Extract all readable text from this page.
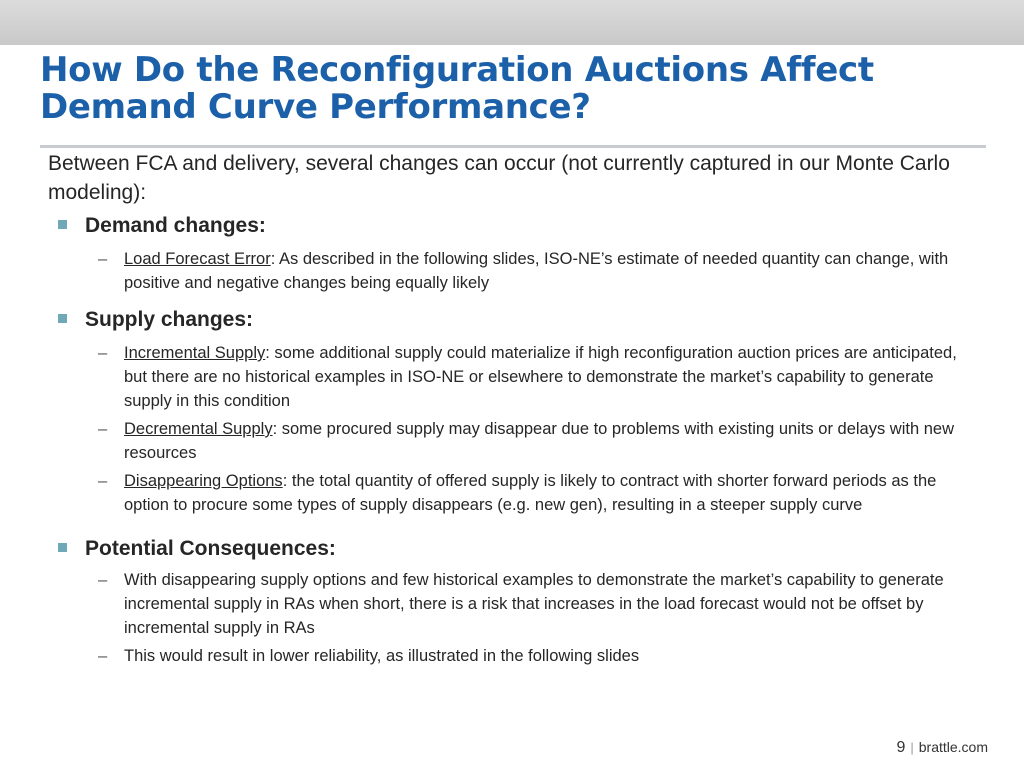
How Do the Reconfiguration Auctions Affect Demand Curve Performance?

Between FCA and delivery, several changes can occur (not currently captured in our Monte Carlo modeling):

Demand changes:
– Load Forecast Error: As described in the following slides, ISO-NE’s estimate of needed quantity can change, with positive and negative changes being equally likely
Supply changes:
– Incremental Supply: some additional supply could materialize if high reconfiguration auction prices are anticipated, but there are no historical examples in ISO-NE or elsewhere to demonstrate the market’s capability to generate supply in this condition
– Decremental Supply: some procured supply may disappear due to problems with existing units or delays with new resources
– Disappearing Options: the total quantity of offered supply is likely to contract with shorter forward periods as the option to procure some types of supply disappears (e.g. new gen), resulting in a steeper supply curve
Potential Consequences:
– With disappearing supply options and few historical examples to demonstrate the market’s capability to generate incremental supply in RAs when short, there is a risk that increases in the load forecast would not be offset by incremental supply in RAs
– This would result in lower reliability, as illustrated in the following slides
9 | brattle.com
